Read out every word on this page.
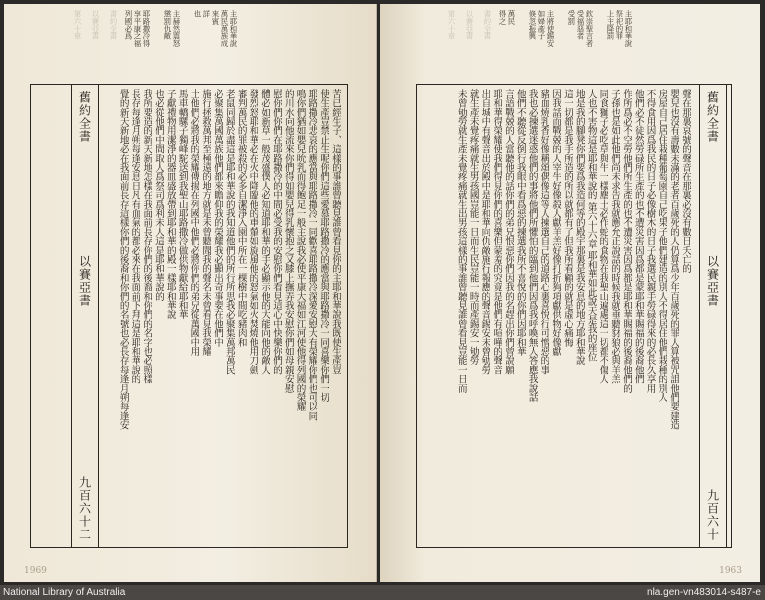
書約全書
以賽亞書
第六十章	主耶和華說
萬民萬族成
來賓
詳
也
主赫然震怒
懲罰仇敵
耶路撒冷得
享平康之福
列國必爲
舊約全書
以賽亞書
九百六十二
苦已經生子、這樣的事誰曾聽見誰曾看見你的主耶和華說我既使生產豈
使生產豈禁止生呢你們這些愛慕耶路撒冷的應當與耶路撒冷一同喜樂你們一切
耶路撒冷悲哀的應當與耶路撒冷一同歡喜耶路撒冷深愛安慰大有榮耀你們也可以同
鳴你們猶如嬰兒吮乳而得飽足一般主說我必使平康大福如江河使他得列國的榮耀
的川水向他流來你們得如嬰兒得乳懷抱之又膝上撫弄我安慰你們如母親安慰
慰你們你們在耶路撒冷的中間必受我的安慰你們看見這心中快樂你們的
體必如新草一般茂盛僕人必知道耶和華的手必顯示他的大能向他的敵人
發烈怒耶和華必在火中降臨他的車輦如旋風他的怒氣如火焚燒他用刀劍
審判萬民的罪被殺的必多自潔淨入園中所在一棵樹中間吃豬肉和
老鼠同歸於盡這是耶和華說的我知道他們的所行所思我必聚集萬邦萬民
必聚集萬國萬族他們都來瞻仰我的榮耀我必顯出奇事要在他們中
施行拯救萬邦至極遠的地方就是未曾聽聞我的聲名未曾看見我榮耀
土他們必將我的榮耀傳揚在列國中他們必將你們的弟兄從萬國中用
馬車轎騾子獨峰駝送到我聖山耶路撒冷做供物獻給耶和華
子獻禮物用潔淨的器皿盛放帶到耶和華的殿一樣耶和華說
也必從他們中間取人爲祭司爲利未人這是耶和華說的
我所要造的新天新地怎樣在我面前長存你們的後裔和你們的名字也必照樣
長存每逢月朔每逢安息日凡有血氣的都必來在我面前下拜這是耶和華說的
覺的新天新地必在我面前長存這樣你們的後裔和你們的名號也必長存每逢月朔每逢安
1969
書約全書
以賽亞書
第六十章	主耶和華說
祭祀的罪
上主降罰
欽崇聖言者
受福惡者
受罰
主將使錫安
如婦產子
倏忽振興
萬民
得之
舊約全書
以賽亞書
九百六十
聲在那裏哀號的聲音在那裏必沒有數日夭亡的
嬰兒也沒有壽數未滿的老者百歲死的人仍算爲少年百歲死的罪人算被咒詛他們要建造
房屋自己居住栽種葡萄園自己吃果子他們建造的別人不得居住他們栽種的別人
不得食用因爲我民的日子必像樹木的日子我選民親手勞碌得來的必長久享用
他們必不徒然勞碌所生產的也不遭災害因爲都是蒙耶和華賜福的後裔他們
作所爲必不空勞他們所生產的也不遭災害因爲都是耶和華賜福的後裔他們的
子孫也是如此他們尚未求告我就應允正說話的時候我就垂聽豺狼必與羊羔
同食獅子必吃草與牛一樣塵土必作蛇的食物在我聖山遍處這一切都不傷人
人也不害物這是耶和華說的 第六十六章 耶和華如此說天是我的座位
地是我的腳凳你們要爲我造何等的殿宇那裏是我安息的地方耶和華說
這一切都是我手所造的所以就都有了但我所看顧的就是虛心痛悔
因我話而戰兢的人宰牛好像殺人獻羊羔好像打折狗項獻供物好像獻
豬血燒乳香好像稱頌偶像這等人揀選自己的道路心裏喜悅行可憎惡的事
我也必揀選迷惑他們的事將他們所懼怕的臨到他們因爲我呼喚無人答應我說話
他們不聽從反倒行我眼中看爲惡的揀選我所不喜悅的你們因耶和華
言語戰兢的人當聽他的話你們的弟兄恨惡你們因我的名趕出你們曾說願
耶和華得榮耀使我們得見你們的喜樂但蒙羞的究竟是他們有喧嘩的聲音
出自城中有聲音出於殿中是耶和華向仇敵施行報應的聲音錫安未曾劬勞
就生產未覺疼痛就生男孩國豈能一日而生民豈能一時而產錫安一劬勞
未曾劬勞就生產未覺疼痛就生出男孩這樣的事誰曾聽見誰曾看見豈能一日而
1963
National Library of Australia	nla.gen-vn483014-s487-e
